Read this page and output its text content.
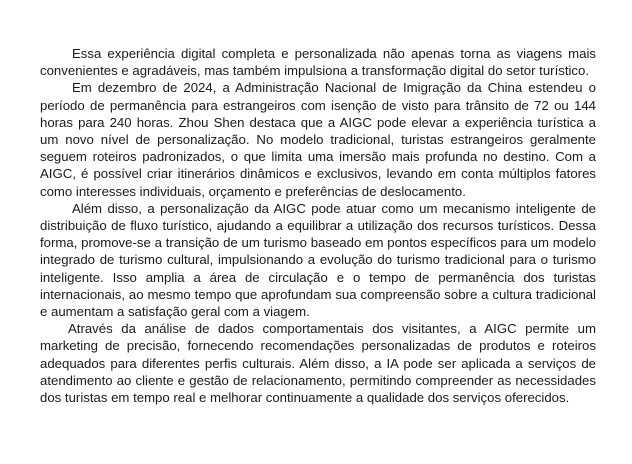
Essa experiência digital completa e personalizada não apenas torna as viagens mais convenientes e agradáveis, mas também impulsiona a transformação digital do setor turístico.

Em dezembro de 2024, a Administração Nacional de Imigração da China estendeu o período de permanência para estrangeiros com isenção de visto para trânsito de 72 ou 144 horas para 240 horas. Zhou Shen destaca que a AIGC pode elevar a experiência turística a um novo nível de personalização. No modelo tradicional, turistas estrangeiros geralmente seguem roteiros padronizados, o que limita uma imersão mais profunda no destino. Com a AIGC, é possível criar itinerários dinâmicos e exclusivos, levando em conta múltiplos fatores como interesses individuais, orçamento e preferências de deslocamento.

Além disso, a personalização da AIGC pode atuar como um mecanismo inteligente de distribuição de fluxo turístico, ajudando a equilibrar a utilização dos recursos turísticos. Dessa forma, promove-se a transição de um turismo baseado em pontos específicos para um modelo integrado de turismo cultural, impulsionando a evolução do turismo tradicional para o turismo inteligente. Isso amplia a área de circulação e o tempo de permanência dos turistas internacionais, ao mesmo tempo que aprofundam sua compreensão sobre a cultura tradicional e aumentam a satisfação geral com a viagem.

Através da análise de dados comportamentais dos visitantes, a AIGC permite um marketing de precisão, fornecendo recomendações personalizadas de produtos e roteiros adequados para diferentes perfis culturais. Além disso, a IA pode ser aplicada a serviços de atendimento ao cliente e gestão de relacionamento, permitindo compreender as necessidades dos turistas em tempo real e melhorar continuamente a qualidade dos serviços oferecidos.
